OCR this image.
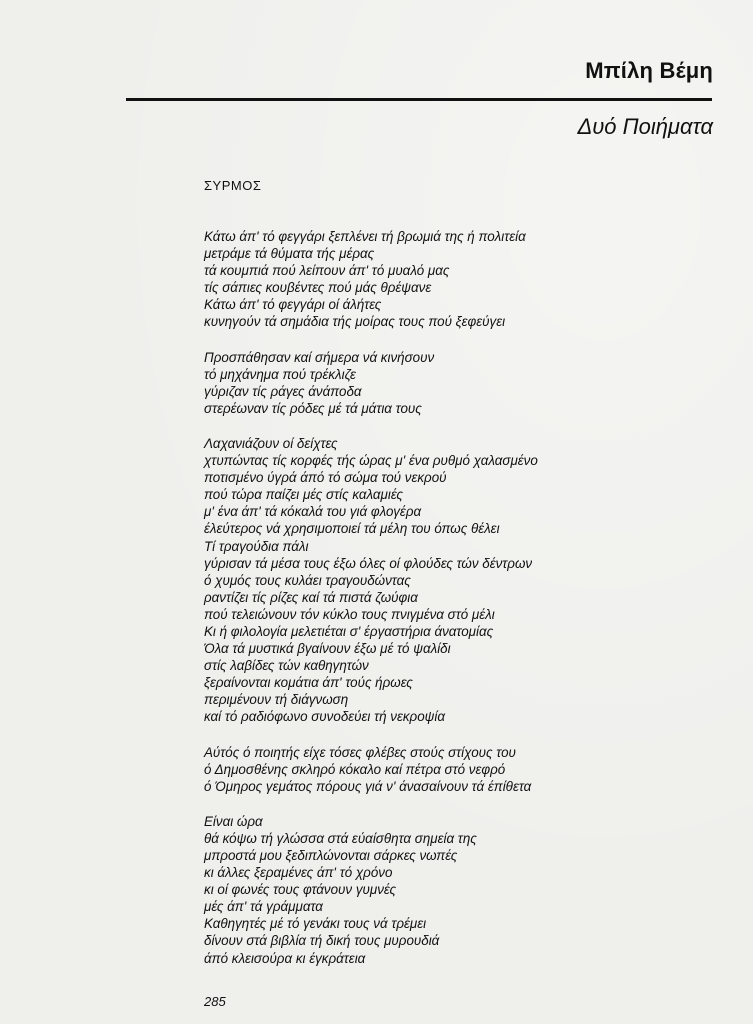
Μπίλη Βέμη
Δυό Ποιήματα
ΣΥΡΜΟΣ
Κάτω άπ' τό φεγγάρι ξεπλένει τή βρωμιά της ή πολιτεία
μετράμε τά θύματα τής μέρας
τά κουμπιά πού λείπουν άπ' τό μυαλό μας
τίς σάπιες κουβέντες πού μάς θρέψανε
Κάτω άπ' τό φεγγάρι οί άλήτες
κυνηγούν τά σημάδια τής μοίρας τους πού ξεφεύγει
Προσπάθησαν καί σήμερα νά κινήσουν
τό μηχάνημα πού τρέκλιζε
γύριζαν τίς ράγες άνάποδα
στερέωναν τίς ρόδες μέ τά μάτια τους
Λαχανιάζουν οί δείχτες
χτυπώντας τίς κορφές τής ώρας μ' ένα ρυθμό χαλασμένο
ποτισμένο ύγρά άπό τό σώμα τού νεκρού
πού τώρα παίζει μές στίς καλαμιές
μ' ένα άπ' τά κόκαλά του γιά φλογέρα
έλεύτερος νά χρησιμοποιεί τά μέλη του όπως θέλει
Τί τραγούδια πάλι
γύρισαν τά μέσα τους έξω όλες οί φλούδες τών δέντρων
ό χυμός τους κυλάει τραγουδώντας
ραντίζει τίς ρίζες καί τά πιστά ζωύφια
πού τελειώνουν τόν κύκλο τους πνιγμένα στό μέλι
Κι ή φιλολογία μελετιέται σ' έργαστήρια άνατομίας
Όλα τά μυστικά βγαίνουν έξω μέ τό ψαλίδι
στίς λαβίδες τών καθηγητών
ξεραίνονται κομάτια άπ' τούς ήρωες
περιμένουν τή διάγνωση
καί τό ραδιόφωνο συνοδεύει τή νεκροψία
Αύτός ό ποιητής είχε τόσες φλέβες στούς στίχους του
ό Δημοσθένης σκληρό κόκαλο καί πέτρα στό νεφρό
ό Όμηρος γεμάτος πόρους γιά ν' άνασαίνουν τά έπίθετα
Είναι ώρα
θά κόψω τή γλώσσα στά εύαίσθητα σημεία της
μπροστά μου ξεδιπλώνονται σάρκες νωπές
κι άλλες ξεραμένες άπ' τό χρόνο
κι οί φωνές τους φτάνουν γυμνές
μές άπ' τά γράμματα
Καθηγητές μέ τό γενάκι τους νά τρέμει
δίνουν στά βιβλία τή δική τους μυρουδιά
άπό κλεισούρα κι έγκράτεια
285
